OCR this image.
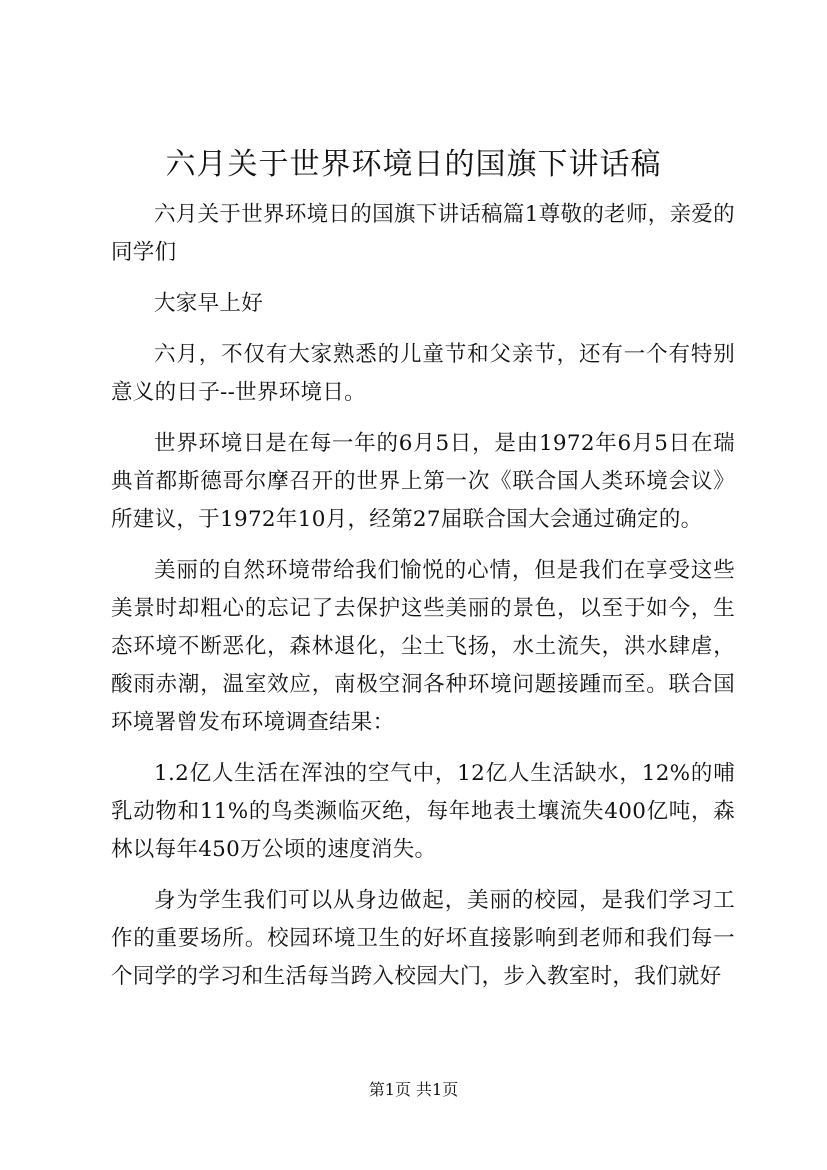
六月关于世界环境日的国旗下讲话稿

六月关于世界环境日的国旗下讲话稿篇1尊敬的老师，亲爱的同学们

大家早上好

六月，不仅有大家熟悉的儿童节和父亲节，还有一个有特别意义的日子--世界环境日。

世界环境日是在每一年的6月5日，是由1972年6月5日在瑞典首都斯德哥尔摩召开的世界上第一次《联合国人类环境会议》所建议，于1972年10月，经第27届联合国大会通过确定的。

美丽的自然环境带给我们愉悦的心情，但是我们在享受这些美景时却粗心的忘记了去保护这些美丽的景色，以至于如今，生态环境不断恶化，森林退化，尘土飞扬，水土流失，洪水肆虐，酸雨赤潮，温室效应，南极空洞各种环境问题接踵而至。联合国环境署曾发布环境调查结果：

1.2亿人生活在浑浊的空气中，12亿人生活缺水，12%的哺乳动物和11%的鸟类濒临灭绝，每年地表土壤流失400亿吨，森林以每年450万公顷的速度消失。

身为学生我们可以从身边做起，美丽的校园，是我们学习工作的重要场所。校园环境卫生的好坏直接影响到老师和我们每一个同学的学习和生活每当跨入校园大门，步入教室时，我们就好

第1页 共1页
